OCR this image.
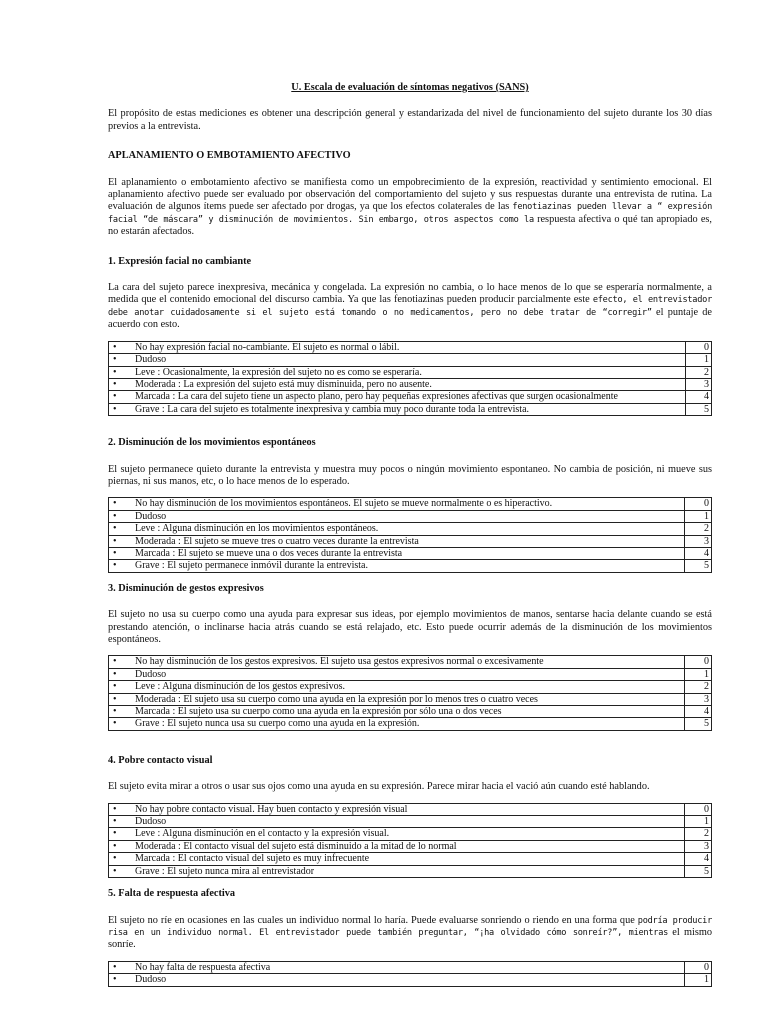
U. Escala de evaluación de síntomas negativos (SANS)

El propósito de estas mediciones es obtener una descripción general y estandarizada del nivel de funcionamiento del sujeto durante los 30 días previos a la entrevista.

APLANAMIENTO O EMBOTAMIENTO AFECTIVO

El aplanamiento o embotamiento afectivo se manifiesta como un empobrecimiento de la expresión, reactividad y sentimiento emocional. El aplanamiento afectivo puede ser evaluado por observación del comportamiento del sujeto y sus respuestas durante una entrevista de rutina. La evaluación de algunos ítems puede ser afectado por drogas, ya que los efectos colaterales de las fenotiazinas pueden llevar a “ expresión facial “de máscara” y disminución de movimientos. Sin embargo, otros aspectos como la respuesta afectiva o qué tan apropiado es, no estarán afectados.

1. Expresión facial no cambiante

La cara del sujeto parece inexpresiva, mecánica y congelada. La expresión no cambia, o lo hace menos de lo que se esperaría normalmente, a medida que el contenido emocional del discurso cambia. Ya que las fenotiazinas pueden producir parcialmente este efecto, el entrevistador debe anotar cuidadosamente si el sujeto está tomando o no medicamentos, pero no debe tratar de “corregir” el puntaje de acuerdo con esto.

• No hay expresión facial no-cambiante. El sujeto es normal o lábil.	0
• Dudoso	1
• Leve : Ocasionalmente, la expresión del sujeto no es como se esperaría.	2
• Moderada : La expresión del sujeto está muy disminuida, pero no ausente.	3
• Marcada : La cara del sujeto tiene un aspecto plano, pero hay pequeñas expresiones afectivas que surgen ocasionalmente	4
• Grave : La cara del sujeto es totalmente inexpresiva y cambia muy poco durante toda la entrevista.	5
2. Disminución de los movimientos espontáneos

El sujeto permanece quieto durante la entrevista y muestra muy pocos o ningún movimiento espontaneo. No cambia de posición, ni mueve sus piernas, ni sus manos, etc, o lo hace menos de lo esperado.

• No hay disminución de los movimientos espontáneos. El sujeto se mueve normalmente o es hiperactivo.	0
• Dudoso	1
• Leve : Alguna disminución en los movimientos espontáneos.	2
• Moderada : El sujeto se mueve tres o cuatro veces durante la entrevista	3
• Marcada : El sujeto se mueve una o dos veces durante la entrevista	4
• Grave : El sujeto permanece inmóvil durante la entrevista.	5
3. Disminución de gestos expresivos

El sujeto no usa su cuerpo como una ayuda para expresar sus ideas, por ejemplo movimientos de manos, sentarse hacia delante cuando se está prestando atención, o inclinarse hacia atrás cuando se está relajado, etc. Esto puede ocurrir además de la disminución de los movimientos espontáneos.

• No hay disminución de los gestos expresivos. El sujeto usa gestos expresivos normal o excesivamente	0
• Dudoso	1
• Leve : Alguna disminución de los gestos expresivos.	2
• Moderada : El sujeto usa su cuerpo como una ayuda en la expresión por lo menos tres o cuatro veces	3
• Marcada : El sujeto usa su cuerpo como una ayuda en la expresión por sólo una o dos veces	4
• Grave : El sujeto nunca usa su cuerpo como una ayuda en la expresión.	5
4. Pobre contacto visual

El sujeto evita mirar a otros o usar sus ojos como una ayuda en su expresión. Parece mirar hacia el vació aún cuando esté hablando.

• No hay pobre contacto visual. Hay buen contacto y expresión visual	0
• Dudoso	1
• Leve : Alguna disminución en el contacto y la expresión visual.	2
• Moderada : El contacto visual del sujeto está disminuido a la mitad de lo normal	3
• Marcada : El contacto visual del sujeto es muy infrecuente	4
• Grave : El sujeto nunca mira al entrevistador	5
5. Falta de respuesta afectiva

El sujeto no ríe en ocasiones en las cuales un individuo normal lo haría. Puede evaluarse sonriendo o riendo en una forma que podría producir risa en un individuo normal. El entrevistador puede también preguntar, “¡ha olvidado cómo sonreír?”, mientras el mismo sonríe.

• No hay falta de respuesta afectiva	0
• Dudoso	1
